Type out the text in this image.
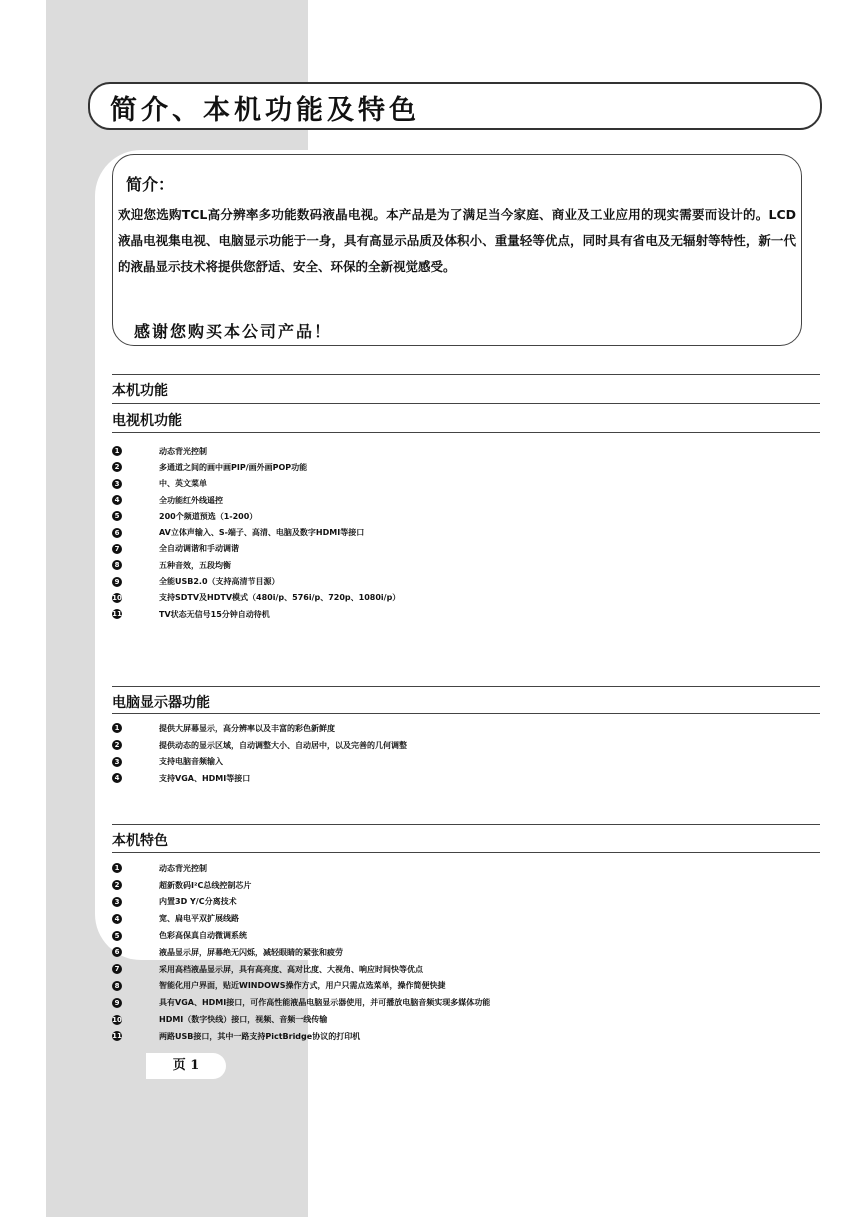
简介、本机功能及特色
简介：

欢迎您选购TCL高分辨率多功能数码液晶电视。本产品是为了满足当今家庭、商业及工业应用的现实需要而设计的。LCD液晶电视集电视、电脑显示功能于一身，具有高显示品质及体积小、重量轻等优点，同时具有省电及无辐射等特性，新一代的液晶显示技术将提供您舒适、安全、环保的全新视觉感受。

感谢您购买本公司产品！
本机功能
电视机功能
1	动态背光控制
2	多通道之间的画中画PIP/画外画POP功能
3	中、英文菜单
4	全功能红外线遥控
5	200个频道预选（1-200）
6	AV立体声输入、S-端子、高清、电脑及数字HDMI等接口
7	全自动调谐和手动调谐
8	五种音效，五段均衡
9	全能USB2.0（支持高清节目源）
10	支持SDTV及HDTV模式（480i/p、576i/p、720p、1080i/p）
11	TV状态无信号15分钟自动待机
电脑显示器功能
1	提供大屏幕显示，高分辨率以及丰富的彩色新鲜度
2	提供动态的显示区域，自动调整大小、自动居中，以及完善的几何调整
3	支持电脑音频输入
4	支持VGA、HDMI等接口
本机特色
1	动态背光控制
2	超新数码I²C总线控制芯片
3	内置3D Y/C分离技术
4	宽、扁电平双扩展线路
5	色彩高保真自动微调系统
6	液晶显示屏，屏幕绝无闪烁，减轻眼睛的紧张和疲劳
7	采用高档液晶显示屏，具有高亮度、高对比度、大视角、响应时间快等优点
8	智能化用户界面，贴近WINDOWS操作方式，用户只需点选菜单，操作简便快捷
9	具有VGA、HDMI接口，可作高性能液晶电脑显示器使用，并可播放电脑音频实现多媒体功能
10	HDMI（数字快线）接口，视频、音频一线传输
11	两路USB接口，其中一路支持PictBridge协议的打印机
页 1
